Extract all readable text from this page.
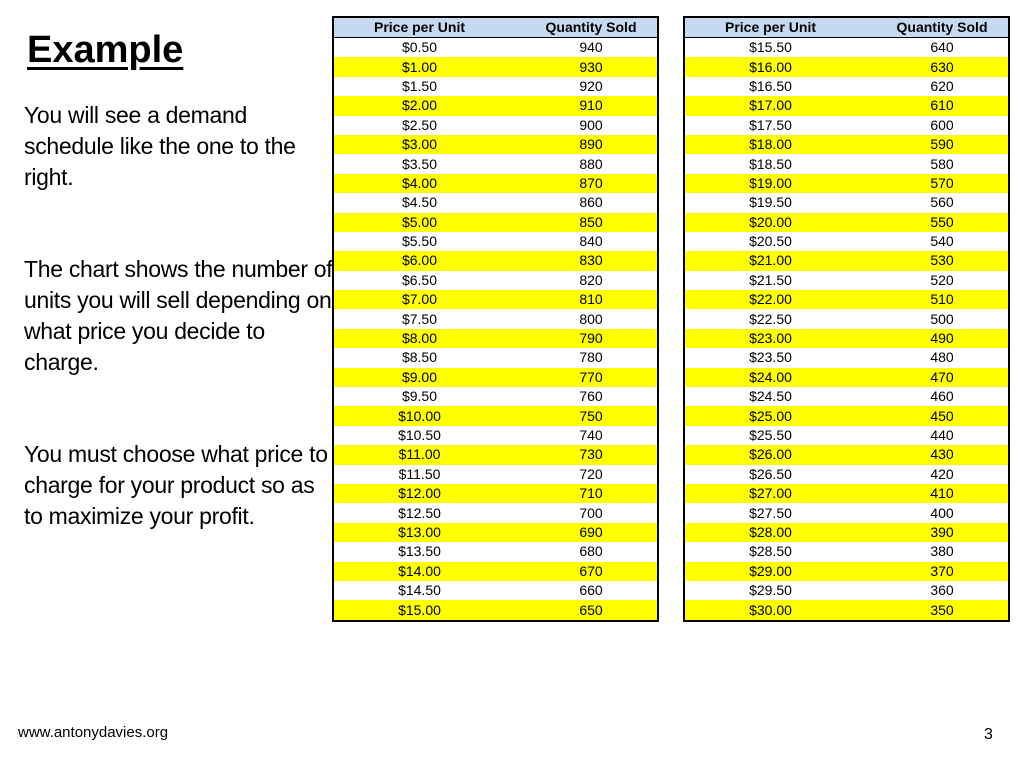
Example

You will see a demand schedule like the one to the right.

The chart shows the number of units you will sell depending on what price you decide to charge.

You must choose what price to charge for your product so as to maximize your profit.

Price per Unit	Quantity Sold
$0.50	940
$1.00	930
$1.50	920
$2.00	910
$2.50	900
$3.00	890
$3.50	880
$4.00	870
$4.50	860
$5.00	850
$5.50	840
$6.00	830
$6.50	820
$7.00	810
$7.50	800
$8.00	790
$8.50	780
$9.00	770
$9.50	760
$10.00	750
$10.50	740
$11.00	730
$11.50	720
$12.00	710
$12.50	700
$13.00	690
$13.50	680
$14.00	670
$14.50	660
$15.00	650
Price per Unit	Quantity Sold
$15.50	640
$16.00	630
$16.50	620
$17.00	610
$17.50	600
$18.00	590
$18.50	580
$19.00	570
$19.50	560
$20.00	550
$20.50	540
$21.00	530
$21.50	520
$22.00	510
$22.50	500
$23.00	490
$23.50	480
$24.00	470
$24.50	460
$25.00	450
$25.50	440
$26.00	430
$26.50	420
$27.00	410
$27.50	400
$28.00	390
$28.50	380
$29.00	370
$29.50	360
$30.00	350
www.antonydavies.org	3
